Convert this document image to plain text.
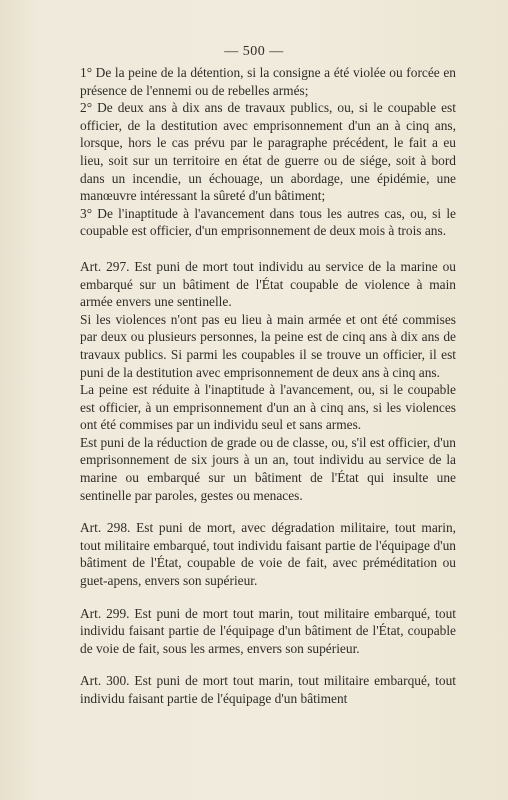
— 500 —

1° De la peine de la détention, si la consigne a été violée ou forcée en présence de l'ennemi ou de rebelles armés;

2° De deux ans à dix ans de travaux publics, ou, si le coupable est officier, de la destitution avec emprisonnement d'un an à cinq ans, lorsque, hors le cas prévu par le paragraphe précédent, le fait a eu lieu, soit sur un territoire en état de guerre ou de siége, soit à bord dans un incendie, un échouage, un abordage, une épidémie, une manœuvre intéressant la sûreté d'un bâtiment;

3° De l'inaptitude à l'avancement dans tous les autres cas, ou, si le coupable est officier, d'un emprisonnement de deux mois à trois ans.

Art. 297. Est puni de mort tout individu au service de la marine ou embarqué sur un bâtiment de l'État coupable de violence à main armée envers une sentinelle.

Si les violences n'ont pas eu lieu à main armée et ont été commises par deux ou plusieurs personnes, la peine est de cinq ans à dix ans de travaux publics. Si parmi les coupables il se trouve un officier, il est puni de la destitution avec emprisonnement de deux ans à cinq ans.

La peine est réduite à l'inaptitude à l'avancement, ou, si le coupable est officier, à un emprisonnement d'un an à cinq ans, si les violences ont été commises par un individu seul et sans armes.

Est puni de la réduction de grade ou de classe, ou, s'il est officier, d'un emprisonnement de six jours à un an, tout individu au service de la marine ou embarqué sur un bâtiment de l'État qui insulte une sentinelle par paroles, gestes ou menaces.

Art. 298. Est puni de mort, avec dégradation militaire, tout marin, tout militaire embarqué, tout individu faisant partie de l'équipage d'un bâtiment de l'État, coupable de voie de fait, avec préméditation ou guet-apens, envers son supérieur.

Art. 299. Est puni de mort tout marin, tout militaire embarqué, tout individu faisant partie de l'équipage d'un bâtiment de l'État, coupable de voie de fait, sous les armes, envers son supérieur.

Art. 300. Est puni de mort tout marin, tout militaire embarqué, tout individu faisant partie de l'équipage d'un bâtiment
